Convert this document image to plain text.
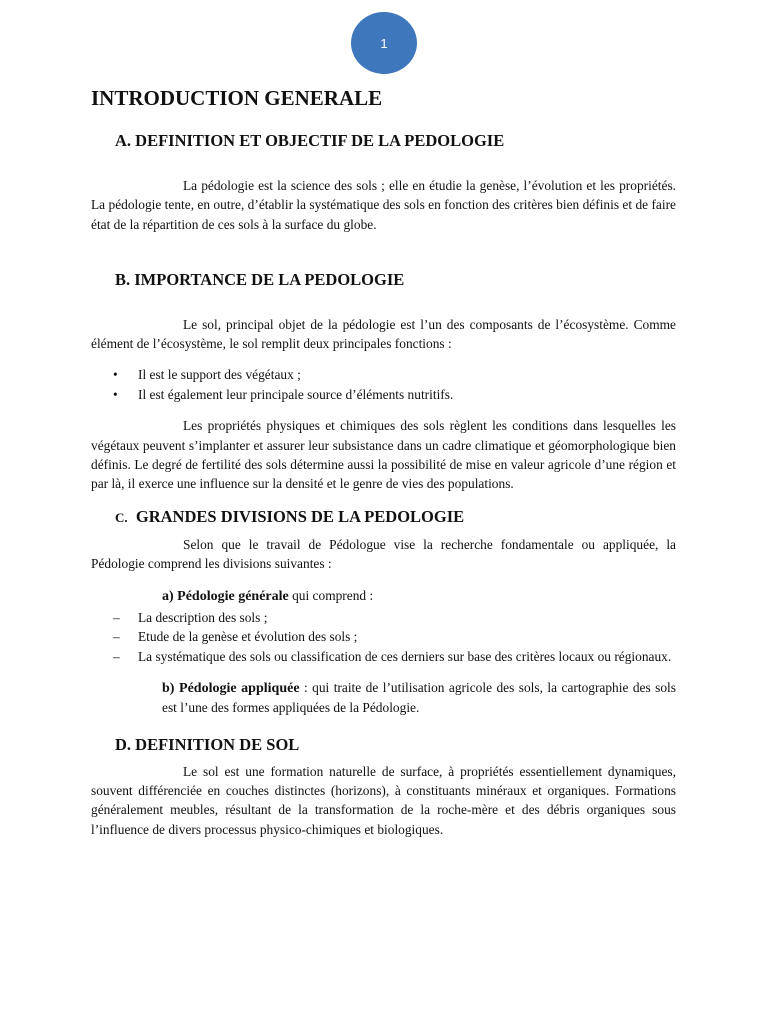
1
INTRODUCTION GENERALE
A. DEFINITION ET OBJECTIF DE LA PEDOLOGIE

La pédologie est la science des sols ; elle en étudie la genèse, l’évolution et les propriétés. La pédologie tente, en outre, d’établir la systématique des sols en fonction des critères bien définis et de faire état de la répartition de ces sols à la surface du globe.

B. IMPORTANCE DE LA PEDOLOGIE

Le sol, principal objet de la pédologie est l’un des composants de l’écosystème. Comme élément de l’écosystème, le sol remplit deux principales fonctions :

• Il est le support des végétaux ;
• Il est également leur principale source d’éléments nutritifs.

Les propriétés physiques et chimiques des sols règlent les conditions dans lesquelles les végétaux peuvent s’implanter et assurer leur subsistance dans un cadre climatique et géomorphologique bien définis. Le degré de fertilité des sols détermine aussi la possibilité de mise en valeur agricole d’une région et par là, il exerce une influence sur la densité et le genre de vies des populations.

C. GRANDES DIVISIONS DE LA PEDOLOGIE

Selon que le travail de Pédologue vise la recherche fondamentale ou appliquée, la Pédologie comprend les divisions suivantes :

a) Pédologie générale qui comprend :

– La description des sols ;
– Etude de la genèse et évolution des sols ;
– La systématique des sols ou classification de ces derniers sur base des critères locaux ou régionaux.

b) Pédologie appliquée : qui traite de l’utilisation agricole des sols, la cartographie des sols est l’une des formes appliquées de la Pédologie.

D. DEFINITION DE SOL

Le sol est une formation naturelle de surface, à propriétés essentiellement dynamiques, souvent différenciée en couches distinctes (horizons), à constituants minéraux et organiques. Formations généralement meubles, résultant de la transformation de la roche-mère et des débris organiques sous l’influence de divers processus physico-chimiques et biologiques.
